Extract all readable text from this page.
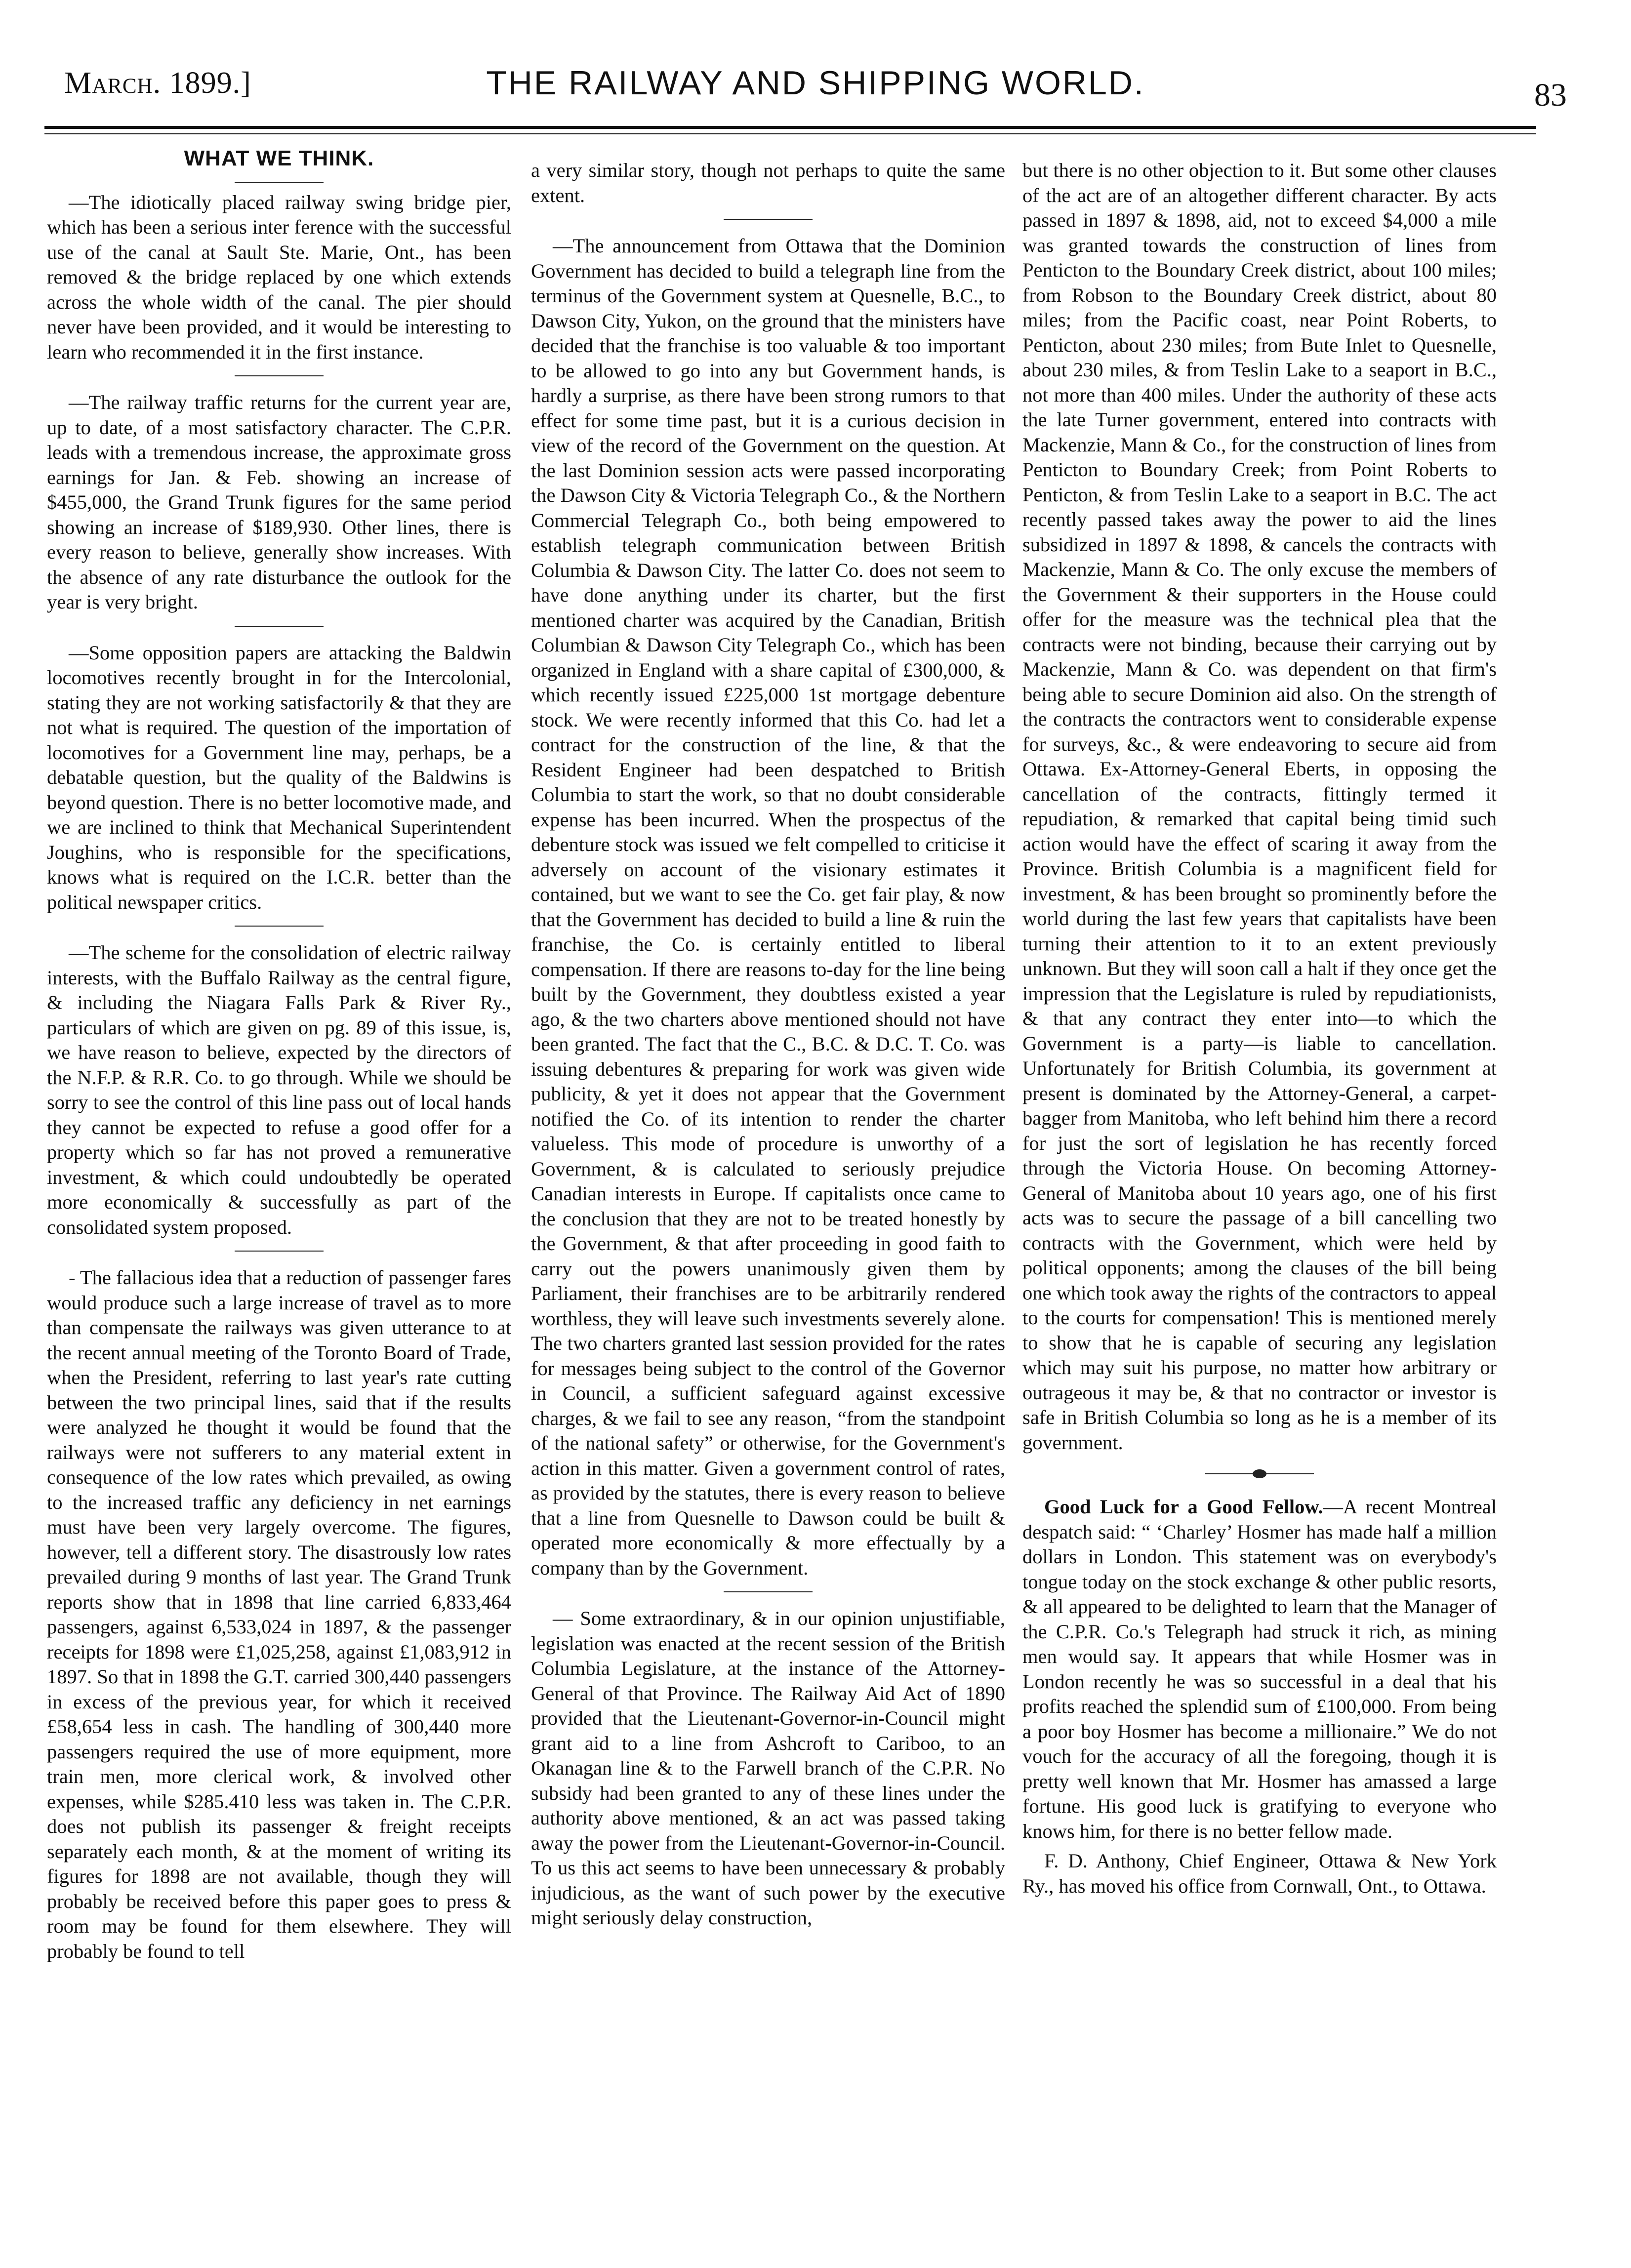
March. 1899.]	THE RAILWAY AND SHIPPING WORLD.	83
WHAT WE THINK.

—The idiotically placed railway swing bridge pier, which has been a serious inter ference with the successful use of the canal at Sault Ste. Marie, Ont., has been removed & the bridge replaced by one which extends across the whole width of the canal. The pier should never have been provided, and it would be interesting to learn who recommended it in the first instance.

—The railway traffic returns for the current year are, up to date, of a most satisfactory character. The C.P.R. leads with a tremendous increase, the approximate gross earnings for Jan. & Feb. showing an increase of $455,000, the Grand Trunk figures for the same period showing an increase of $189,930. Other lines, there is every reason to believe, generally show increases. With the absence of any rate disturbance the outlook for the year is very bright.

—Some opposition papers are attacking the Baldwin locomotives recently brought in for the Intercolonial, stating they are not working satisfactorily & that they are not what is required. The question of the importation of locomotives for a Government line may, perhaps, be a debatable question, but the quality of the Baldwins is beyond question. There is no better locomotive made, and we are inclined to think that Mechanical Superintendent Joughins, who is responsible for the specifications, knows what is required on the I.C.R. better than the political newspaper critics.

—The scheme for the consolidation of electric railway interests, with the Buffalo Railway as the central figure, & including the Niagara Falls Park & River Ry., particulars of which are given on pg. 89 of this issue, is, we have reason to believe, expected by the directors of the N.F.P. & R.R. Co. to go through. While we should be sorry to see the control of this line pass out of local hands they cannot be expected to refuse a good offer for a property which so far has not proved a remunerative investment, & which could undoubtedly be operated more economically & successfully as part of the consolidated system proposed.

- The fallacious idea that a reduction of passenger fares would produce such a large increase of travel as to more than compensate the railways was given utterance to at the recent annual meeting of the Toronto Board of Trade, when the President, referring to last year's rate cutting between the two principal lines, said that if the results were analyzed he thought it would be found that the railways were not sufferers to any material extent in consequence of the low rates which prevailed, as owing to the increased traffic any deficiency in net earnings must have been very largely overcome. The figures, however, tell a different story. The disastrously low rates prevailed during 9 months of last year. The Grand Trunk reports show that in 1898 that line carried 6,833,464 passengers, against 6,533,024 in 1897, & the passenger receipts for 1898 were £1,025,258, against £1,083,912 in 1897. So that in 1898 the G.T. carried 300,440 passengers in excess of the previous year, for which it received £58,654 less in cash. The handling of 300,440 more passengers required the use of more equipment, more train men, more clerical work, & involved other expenses, while $285.410 less was taken in. The C.P.R. does not publish its passenger & freight receipts separately each month, & at the moment of writing its figures for 1898 are not available, though they will probably be received before this paper goes to press & room may be found for them elsewhere. They will probably be found to tell

a very similar story, though not perhaps to quite the same extent.

—The announcement from Ottawa that the Dominion Government has decided to build a telegraph line from the terminus of the Government system at Quesnelle, B.C., to Dawson City, Yukon, on the ground that the ministers have decided that the franchise is too valuable & too important to be allowed to go into any but Government hands, is hardly a surprise, as there have been strong rumors to that effect for some time past, but it is a curious decision in view of the record of the Government on the question. At the last Dominion session acts were passed incorporating the Dawson City & Victoria Telegraph Co., & the Northern Commercial Telegraph Co., both being empowered to establish telegraph communication between British Columbia & Dawson City. The latter Co. does not seem to have done anything under its charter, but the first mentioned charter was acquired by the Canadian, British Columbian & Dawson City Telegraph Co., which has been organized in England with a share capital of £300,000, & which recently issued £225,000 1st mortgage debenture stock. We were recently informed that this Co. had let a contract for the construction of the line, & that the Resident Engineer had been despatched to British Columbia to start the work, so that no doubt considerable expense has been incurred. When the prospectus of the debenture stock was issued we felt compelled to criticise it adversely on account of the visionary estimates it contained, but we want to see the Co. get fair play, & now that the Government has decided to build a line & ruin the franchise, the Co. is certainly entitled to liberal compensation. If there are reasons to-day for the line being built by the Government, they doubtless existed a year ago, & the two charters above mentioned should not have been granted. The fact that the C., B.C. & D.C. T. Co. was issuing debentures & preparing for work was given wide publicity, & yet it does not appear that the Government notified the Co. of its intention to render the charter valueless. This mode of procedure is unworthy of a Government, & is calculated to seriously prejudice Canadian interests in Europe. If capitalists once came to the conclusion that they are not to be treated honestly by the Government, & that after proceeding in good faith to carry out the powers unanimously given them by Parliament, their franchises are to be arbitrarily rendered worthless, they will leave such investments severely alone. The two charters granted last session provided for the rates for messages being subject to the control of the Governor in Council, a sufficient safeguard against excessive charges, & we fail to see any reason, “from the standpoint of the national safety” or otherwise, for the Government's action in this matter. Given a government control of rates, as provided by the statutes, there is every reason to believe that a line from Quesnelle to Dawson could be built & operated more economically & more effectually by a company than by the Government.

— Some extraordinary, & in our opinion unjustifiable, legislation was enacted at the recent session of the British Columbia Legislature, at the instance of the Attorney-General of that Province. The Railway Aid Act of 1890 provided that the Lieutenant-Governor-in-Council might grant aid to a line from Ashcroft to Cariboo, to an Okanagan line & to the Farwell branch of the C.P.R. No subsidy had been granted to any of these lines under the authority above mentioned, & an act was passed taking away the power from the Lieutenant-Governor-in-Council. To us this act seems to have been unnecessary & probably injudicious, as the want of such power by the executive might seriously delay construction,

but there is no other objection to it. But some other clauses of the act are of an altogether different character. By acts passed in 1897 & 1898, aid, not to exceed $4,000 a mile was granted towards the construction of lines from Penticton to the Boundary Creek district, about 100 miles; from Robson to the Boundary Creek district, about 80 miles; from the Pacific coast, near Point Roberts, to Penticton, about 230 miles; from Bute Inlet to Quesnelle, about 230 miles, & from Teslin Lake to a seaport in B.C., not more than 400 miles. Under the authority of these acts the late Turner government, entered into contracts with Mackenzie, Mann & Co., for the construction of lines from Penticton to Boundary Creek; from Point Roberts to Penticton, & from Teslin Lake to a seaport in B.C. The act recently passed takes away the power to aid the lines subsidized in 1897 & 1898, & cancels the contracts with Mackenzie, Mann & Co. The only excuse the members of the Government & their supporters in the House could offer for the measure was the technical plea that the contracts were not binding, because their carrying out by Mackenzie, Mann & Co. was dependent on that firm's being able to secure Dominion aid also. On the strength of the contracts the contractors went to considerable expense for surveys, &c., & were endeavoring to secure aid from Ottawa. Ex-Attorney-General Eberts, in opposing the cancellation of the contracts, fittingly termed it repudiation, & remarked that capital being timid such action would have the effect of scaring it away from the Province. British Columbia is a magnificent field for investment, & has been brought so prominently before the world during the last few years that capitalists have been turning their attention to it to an extent previously unknown. But they will soon call a halt if they once get the impression that the Legislature is ruled by repudiationists, & that any contract they enter into—to which the Government is a party—is liable to cancellation. Unfortunately for British Columbia, its government at present is dominated by the Attorney-General, a carpet-bagger from Manitoba, who left behind him there a record for just the sort of legislation he has recently forced through the Victoria House. On becoming Attorney-General of Manitoba about 10 years ago, one of his first acts was to secure the passage of a bill cancelling two contracts with the Government, which were held by political opponents; among the clauses of the bill being one which took away the rights of the contractors to appeal to the courts for compensation! This is mentioned merely to show that he is capable of securing any legislation which may suit his purpose, no matter how arbitrary or outrageous it may be, & that no contractor or investor is safe in British Columbia so long as he is a member of its government.

Good Luck for a Good Fellow.—A recent Montreal despatch said: “ ‘Charley’ Hosmer has made half a million dollars in London. This statement was on everybody's tongue today on the stock exchange & other public resorts, & all appeared to be delighted to learn that the Manager of the C.P.R. Co.'s Telegraph had struck it rich, as mining men would say. It appears that while Hosmer was in London recently he was so successful in a deal that his profits reached the splendid sum of £100,000. From being a poor boy Hosmer has become a millionaire.” We do not vouch for the accuracy of all the foregoing, though it is pretty well known that Mr. Hosmer has amassed a large fortune. His good luck is gratifying to everyone who knows him, for there is no better fellow made.

F. D. Anthony, Chief Engineer, Ottawa & New York Ry., has moved his office from Cornwall, Ont., to Ottawa.
